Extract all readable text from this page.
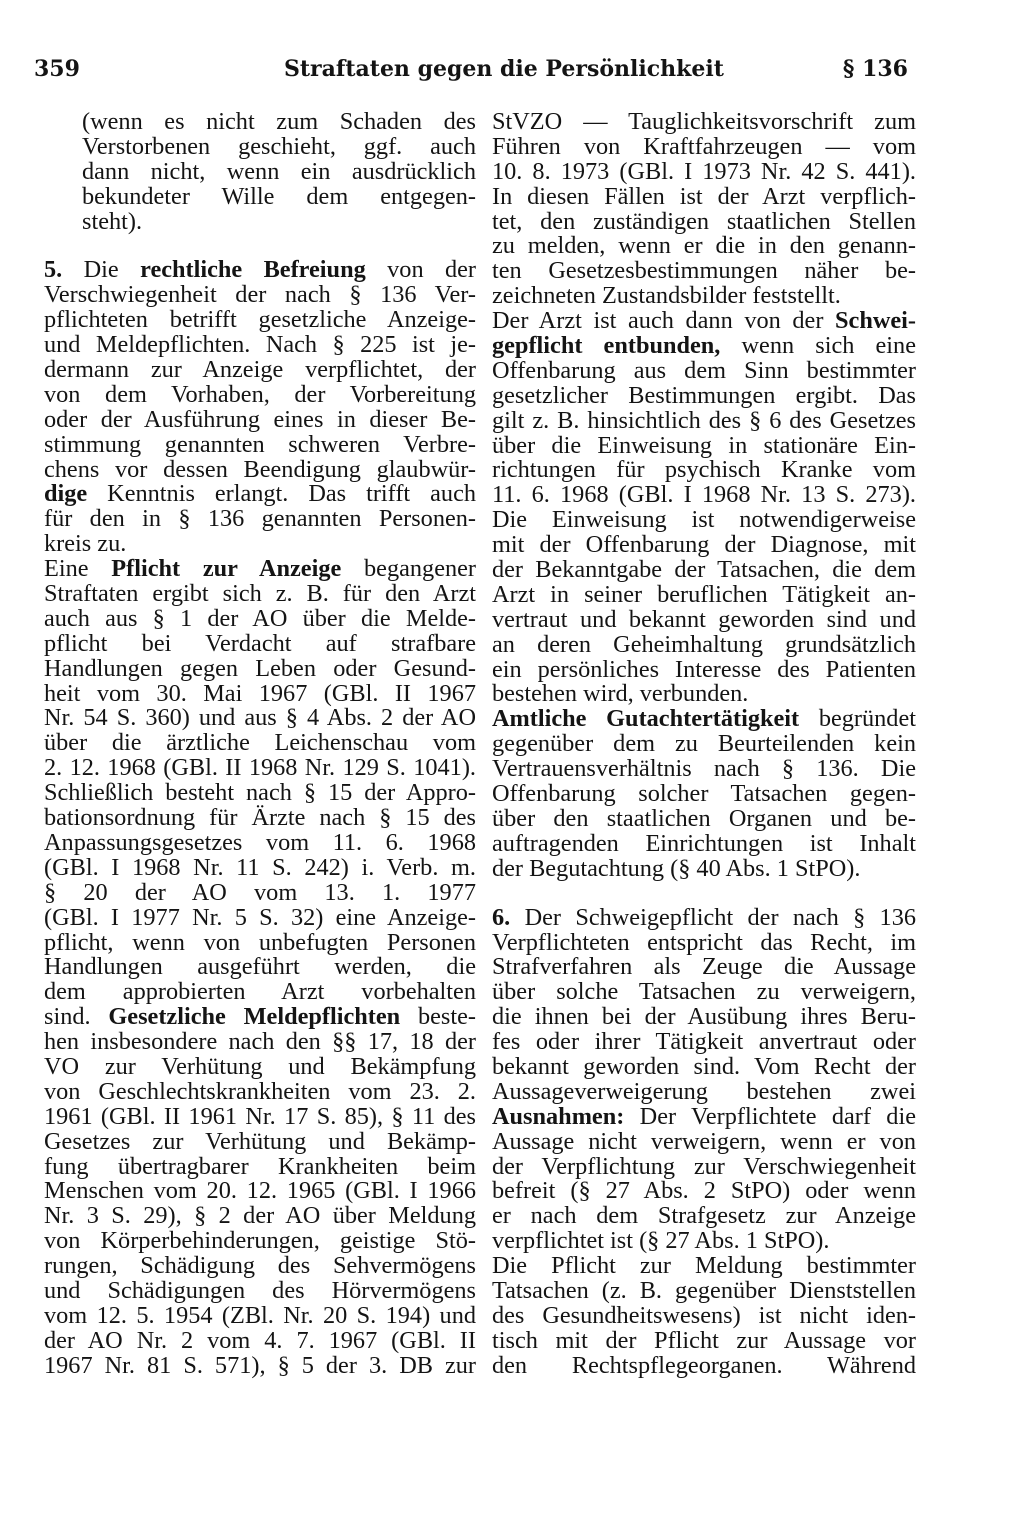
359	Straftaten gegen die Persönlichkeit	§ 136
(wenn es nicht zum Schaden des
Verstorbenen geschieht, ggf. auch
dann nicht, wenn ein ausdrücklich
bekundeter Wille dem entgegen-
steht).
5. Die rechtliche Befreiung von der
Verschwiegenheit der nach § 136 Ver-
pflichteten betrifft gesetzliche Anzeige-
und Meldepflichten. Nach § 225 ist je-
dermann zur Anzeige verpflichtet, der
von dem Vorhaben, der Vorbereitung
oder der Ausführung eines in dieser Be-
stimmung genannten schweren Verbre-
chens vor dessen Beendigung glaubwür-
dige Kenntnis erlangt. Das trifft auch
für den in § 136 genannten Personen-
kreis zu.
Eine Pflicht zur Anzeige begangener
Straftaten ergibt sich z. B. für den Arzt
auch aus § 1 der AO über die Melde-
pflicht bei Verdacht auf strafbare
Handlungen gegen Leben oder Gesund-
heit vom 30. Mai 1967 (GBl. II 1967
Nr. 54 S. 360) und aus § 4 Abs. 2 der AO
über die ärztliche Leichenschau vom
2. 12. 1968 (GBl. II 1968 Nr. 129 S. 1041).
Schließlich besteht nach § 15 der Appro-
bationsordnung für Ärzte nach § 15 des
Anpassungsgesetzes vom 11. 6. 1968
(GBl. I 1968 Nr. 11 S. 242) i. Verb. m.
§ 20 der AO vom 13. 1. 1977
(GBl. I 1977 Nr. 5 S. 32) eine Anzeige-
pflicht, wenn von unbefugten Personen
Handlungen ausgeführt werden, die
dem approbierten Arzt vorbehalten
sind. Gesetzliche Meldepflichten beste-
hen insbesondere nach den §§ 17, 18 der
VO zur Verhütung und Bekämpfung
von Geschlechtskrankheiten vom 23. 2.
1961 (GBl. II 1961 Nr. 17 S. 85), § 11 des
Gesetzes zur Verhütung und Bekämp-
fung übertragbarer Krankheiten beim
Menschen vom 20. 12. 1965 (GBl. I 1966
Nr. 3 S. 29), § 2 der AO über Meldung
von Körperbehinderungen, geistige Stö-
rungen, Schädigung des Sehvermögens
und Schädigungen des Hörvermögens
vom 12. 5. 1954 (ZBl. Nr. 20 S. 194) und
der AO Nr. 2 vom 4. 7. 1967 (GBl. II
1967 Nr. 81 S. 571), § 5 der 3. DB zur
StVZO — Tauglichkeitsvorschrift zum
Führen von Kraftfahrzeugen — vom
10. 8. 1973 (GBl. I 1973 Nr. 42 S. 441).
In diesen Fällen ist der Arzt verpflich-
tet, den zuständigen staatlichen Stellen
zu melden, wenn er die in den genann-
ten Gesetzesbestimmungen näher be-
zeichneten Zustandsbilder feststellt.
Der Arzt ist auch dann von der Schwei-
gepflicht entbunden, wenn sich eine
Offenbarung aus dem Sinn bestimmter
gesetzlicher Bestimmungen ergibt. Das
gilt z. B. hinsichtlich des § 6 des Gesetzes
über die Einweisung in stationäre Ein-
richtungen für psychisch Kranke vom
11. 6. 1968 (GBl. I 1968 Nr. 13 S. 273).
Die Einweisung ist notwendigerweise
mit der Offenbarung der Diagnose, mit
der Bekanntgabe der Tatsachen, die dem
Arzt in seiner beruflichen Tätigkeit an-
vertraut und bekannt geworden sind und
an deren Geheimhaltung grundsätzlich
ein persönliches Interesse des Patienten
bestehen wird, verbunden.
Amtliche Gutachtertätigkeit begründet
gegenüber dem zu Beurteilenden kein
Vertrauensverhältnis nach § 136. Die
Offenbarung solcher Tatsachen gegen-
über den staatlichen Organen und be-
auftragenden Einrichtungen ist Inhalt
der Begutachtung (§ 40 Abs. 1 StPO).
6. Der Schweigepflicht der nach § 136
Verpflichteten entspricht das Recht, im
Strafverfahren als Zeuge die Aussage
über solche Tatsachen zu verweigern,
die ihnen bei der Ausübung ihres Beru-
fes oder ihrer Tätigkeit anvertraut oder
bekannt geworden sind. Vom Recht der
Aussageverweigerung bestehen zwei
Ausnahmen: Der Verpflichtete darf die
Aussage nicht verweigern, wenn er von
der Verpflichtung zur Verschwiegenheit
befreit (§ 27 Abs. 2 StPO) oder wenn
er nach dem Strafgesetz zur Anzeige
verpflichtet ist (§ 27 Abs. 1 StPO).
Die Pflicht zur Meldung bestimmter
Tatsachen (z. B. gegenüber Dienststellen
des Gesundheitswesens) ist nicht iden-
tisch mit der Pflicht zur Aussage vor
den Rechtspflegeorganen. Während
